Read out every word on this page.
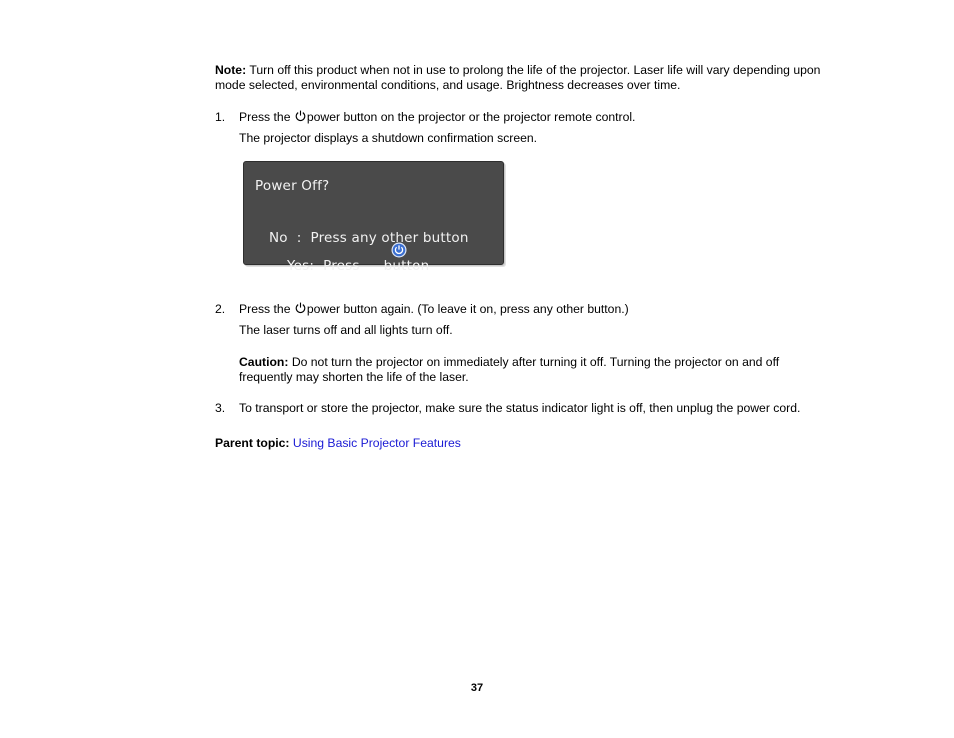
Note: Turn off this product when not in use to prolong the life of the projector. Laser life will vary depending upon mode selected, environmental conditions, and usage. Brightness decreases over time.
1. Press the power button on the projector or the projector remote control.
The projector displays a shutdown confirmation screen.
Power Off?

Yes:  Press
button

No  :  Press any other button
2. Press the power button again. (To leave it on, press any other button.)
The laser turns off and all lights turn off.
Caution: Do not turn the projector on immediately after turning it off. Turning the projector on and off frequently may shorten the life of the laser.
3. To transport or store the projector, make sure the status indicator light is off, then unplug the power cord.
Parent topic: Using Basic Projector Features
37
